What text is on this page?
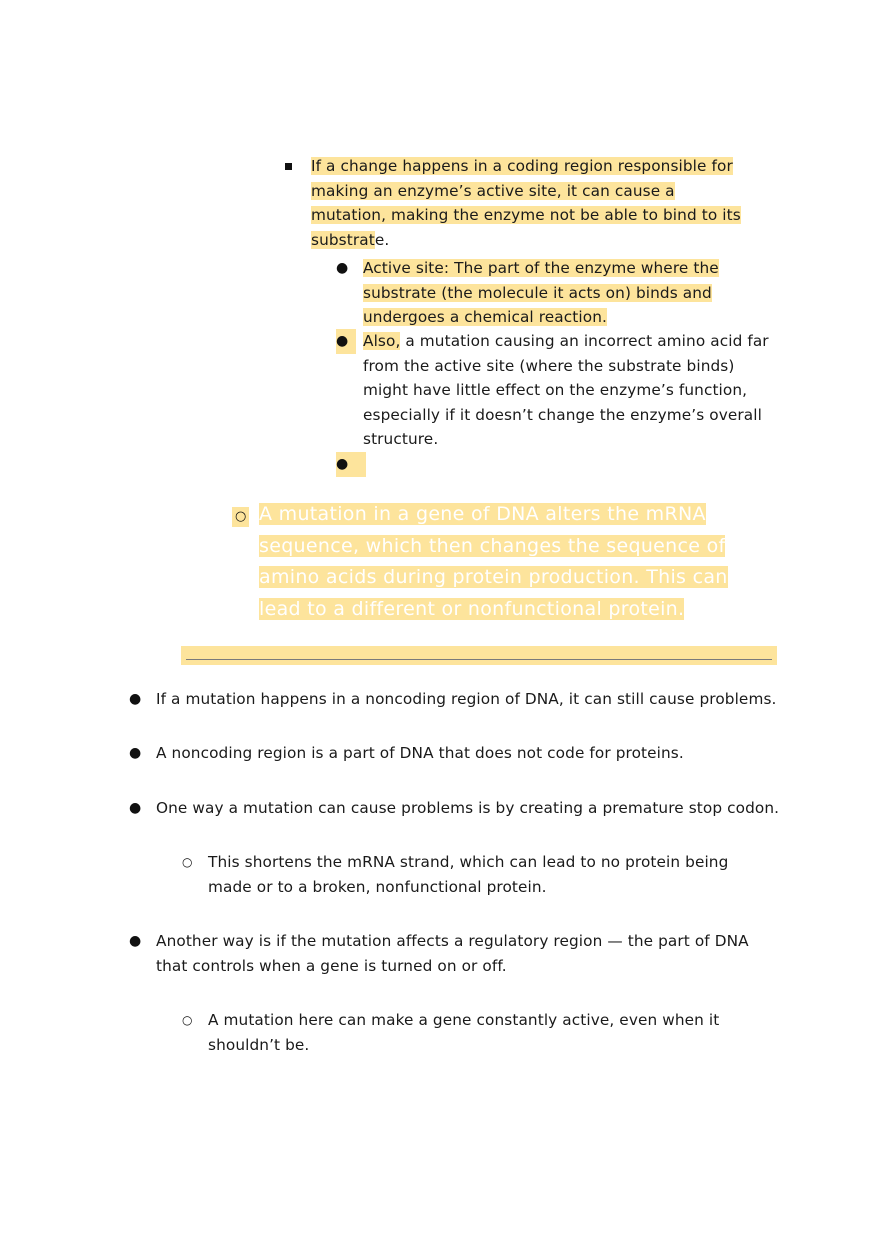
If a change happens in a coding region responsible for making an enzyme’s active site, it can cause a mutation, making the enzyme not be able to bind to its substrate.

● Active site: The part of the enzyme where the substrate (the molecule it acts on) binds and undergoes a chemical reaction.

● Also, a mutation causing an incorrect amino acid far from the active site (where the substrate binds) might have little effect on the enzyme’s function, especially if it doesn’t change the enzyme’s overall structure.

●
○ A mutation in a gene of DNA alters the mRNA sequence, which then changes the sequence of amino acids during protein production. This can lead to a different or nonfunctional protein.

● If a mutation happens in a noncoding region of DNA, it can still cause problems.

● A noncoding region is a part of DNA that does not code for proteins.

● One way a mutation can cause problems is by creating a premature stop codon.

○ This shortens the mRNA strand, which can lead to no protein being made or to a broken, nonfunctional protein.

● Another way is if the mutation affects a regulatory region — the part of DNA that controls when a gene is turned on or off.

○ A mutation here can make a gene constantly active, even when it shouldn’t be.
